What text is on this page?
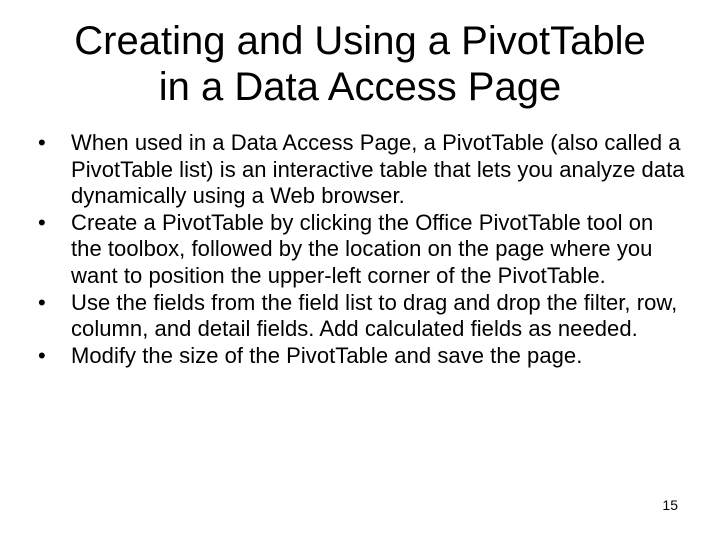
Creating and Using a PivotTable
in a Data Access Page
•	When used in a Data Access Page, a PivotTable (also called a PivotTable list) is an interactive table that lets you analyze data dynamically using a Web browser.
•	Create a PivotTable by clicking the Office PivotTable tool on the toolbox, followed by the location on the page where you want to position the upper-left corner of the PivotTable.
•	Use the fields from the field list to drag and drop the filter, row, column, and detail fields. Add calculated fields as needed.
•	Modify the size of the PivotTable and save the page.
15
